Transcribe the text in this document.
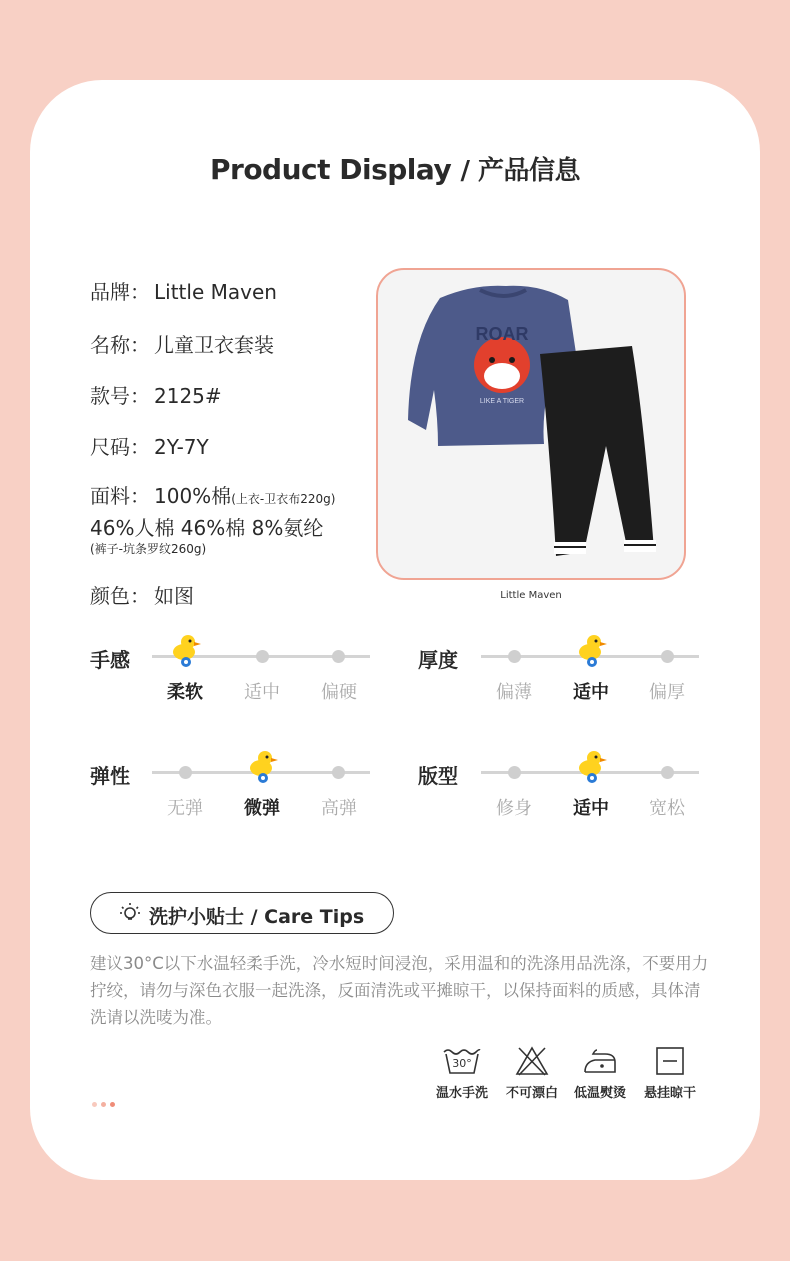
Product Display / 产品信息
品牌： Little Maven
名称： 儿童卫衣套装
款号： 2125#
尺码： 2Y-7Y
面料： 100%棉(上衣-卫衣布220g)
46%人棉 46%棉 8%氨纶
(裤子-坑条罗纹260g)
颜色： 如图
ROAR
LIKE A TIGER
Little Maven
手感
柔软	适中	偏硬
厚度
偏薄	适中	偏厚
弹性
无弹	微弹	高弹
版型
修身	适中	宽松
洗护小贴士 / Care Tips
建议30°C以下水温轻柔手洗，冷水短时间浸泡，采用温和的洗涤用品洗涤，不要用力拧绞，请勿与深色衣服一起洗涤，反面清洗或平摊晾干，以保持面料的质感，具体清洗请以洗唛为准。
30°
温水手洗	不可漂白	低温熨烫	悬挂晾干
